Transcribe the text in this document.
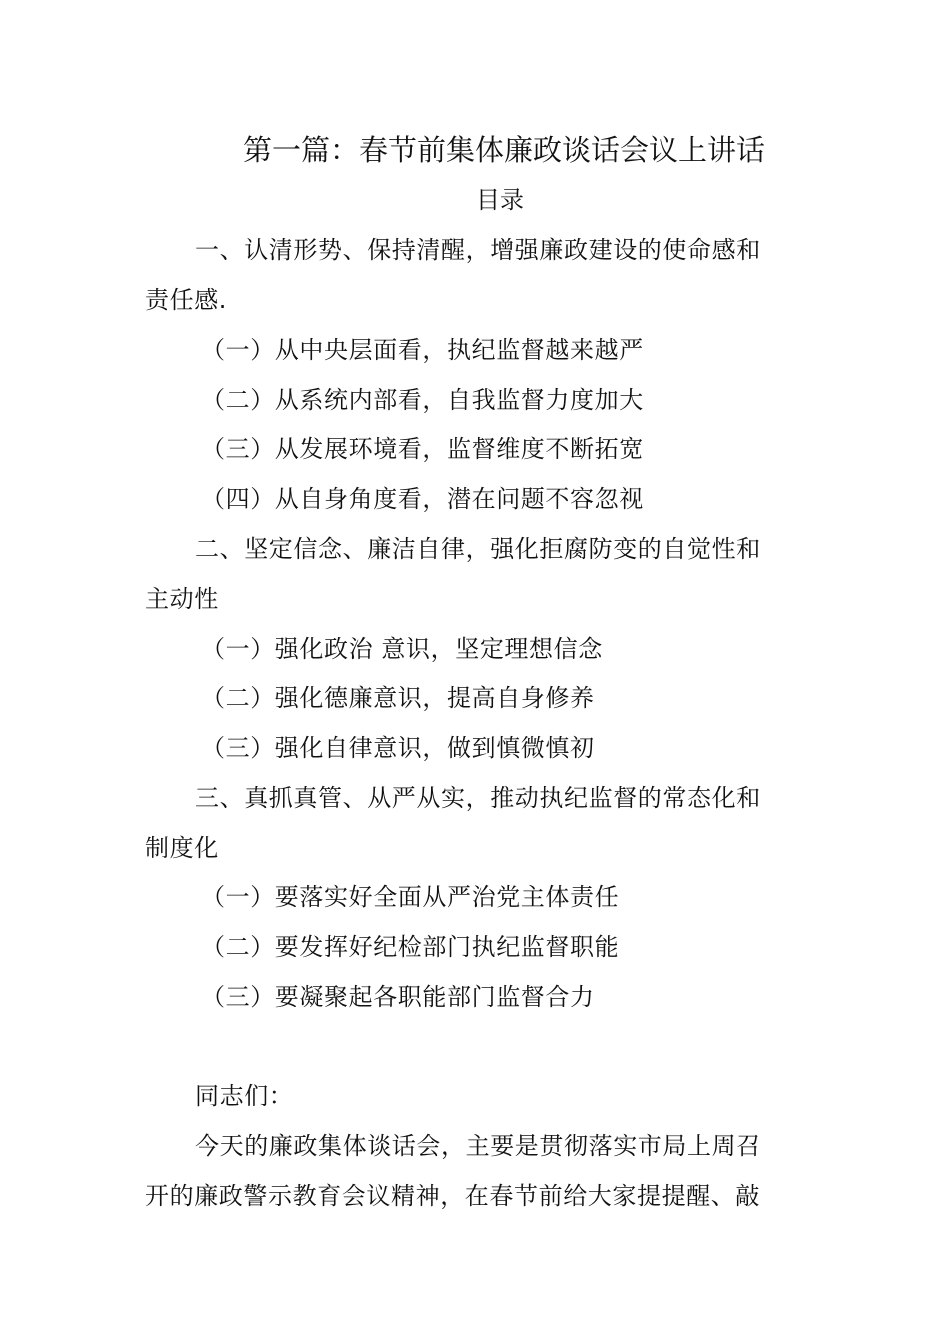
第一篇：春节前集体廉政谈话会议上讲话
目录
一、认清形势、保持清醒，增强廉政建设的使命感和
责任感.
（一）从中央层面看，执纪监督越来越严
（二）从系统内部看，自我监督力度加大
（三）从发展环境看，监督维度不断拓宽
（四）从自身角度看，潜在问题不容忽视
二、坚定信念、廉洁自律，强化拒腐防变的自觉性和
主动性
（一）强化政治 意识，坚定理想信念
（二）强化德廉意识，提高自身修养
（三）强化自律意识，做到慎微慎初
三、真抓真管、从严从实，推动执纪监督的常态化和
制度化
（一）要落实好全面从严治党主体责任
（二）要发挥好纪检部门执纪监督职能
（三）要凝聚起各职能部门监督合力
同志们：
今天的廉政集体谈话会，主要是贯彻落实市局上周召
开的廉政警示教育会议精神，在春节前给大家提提醒、敲
